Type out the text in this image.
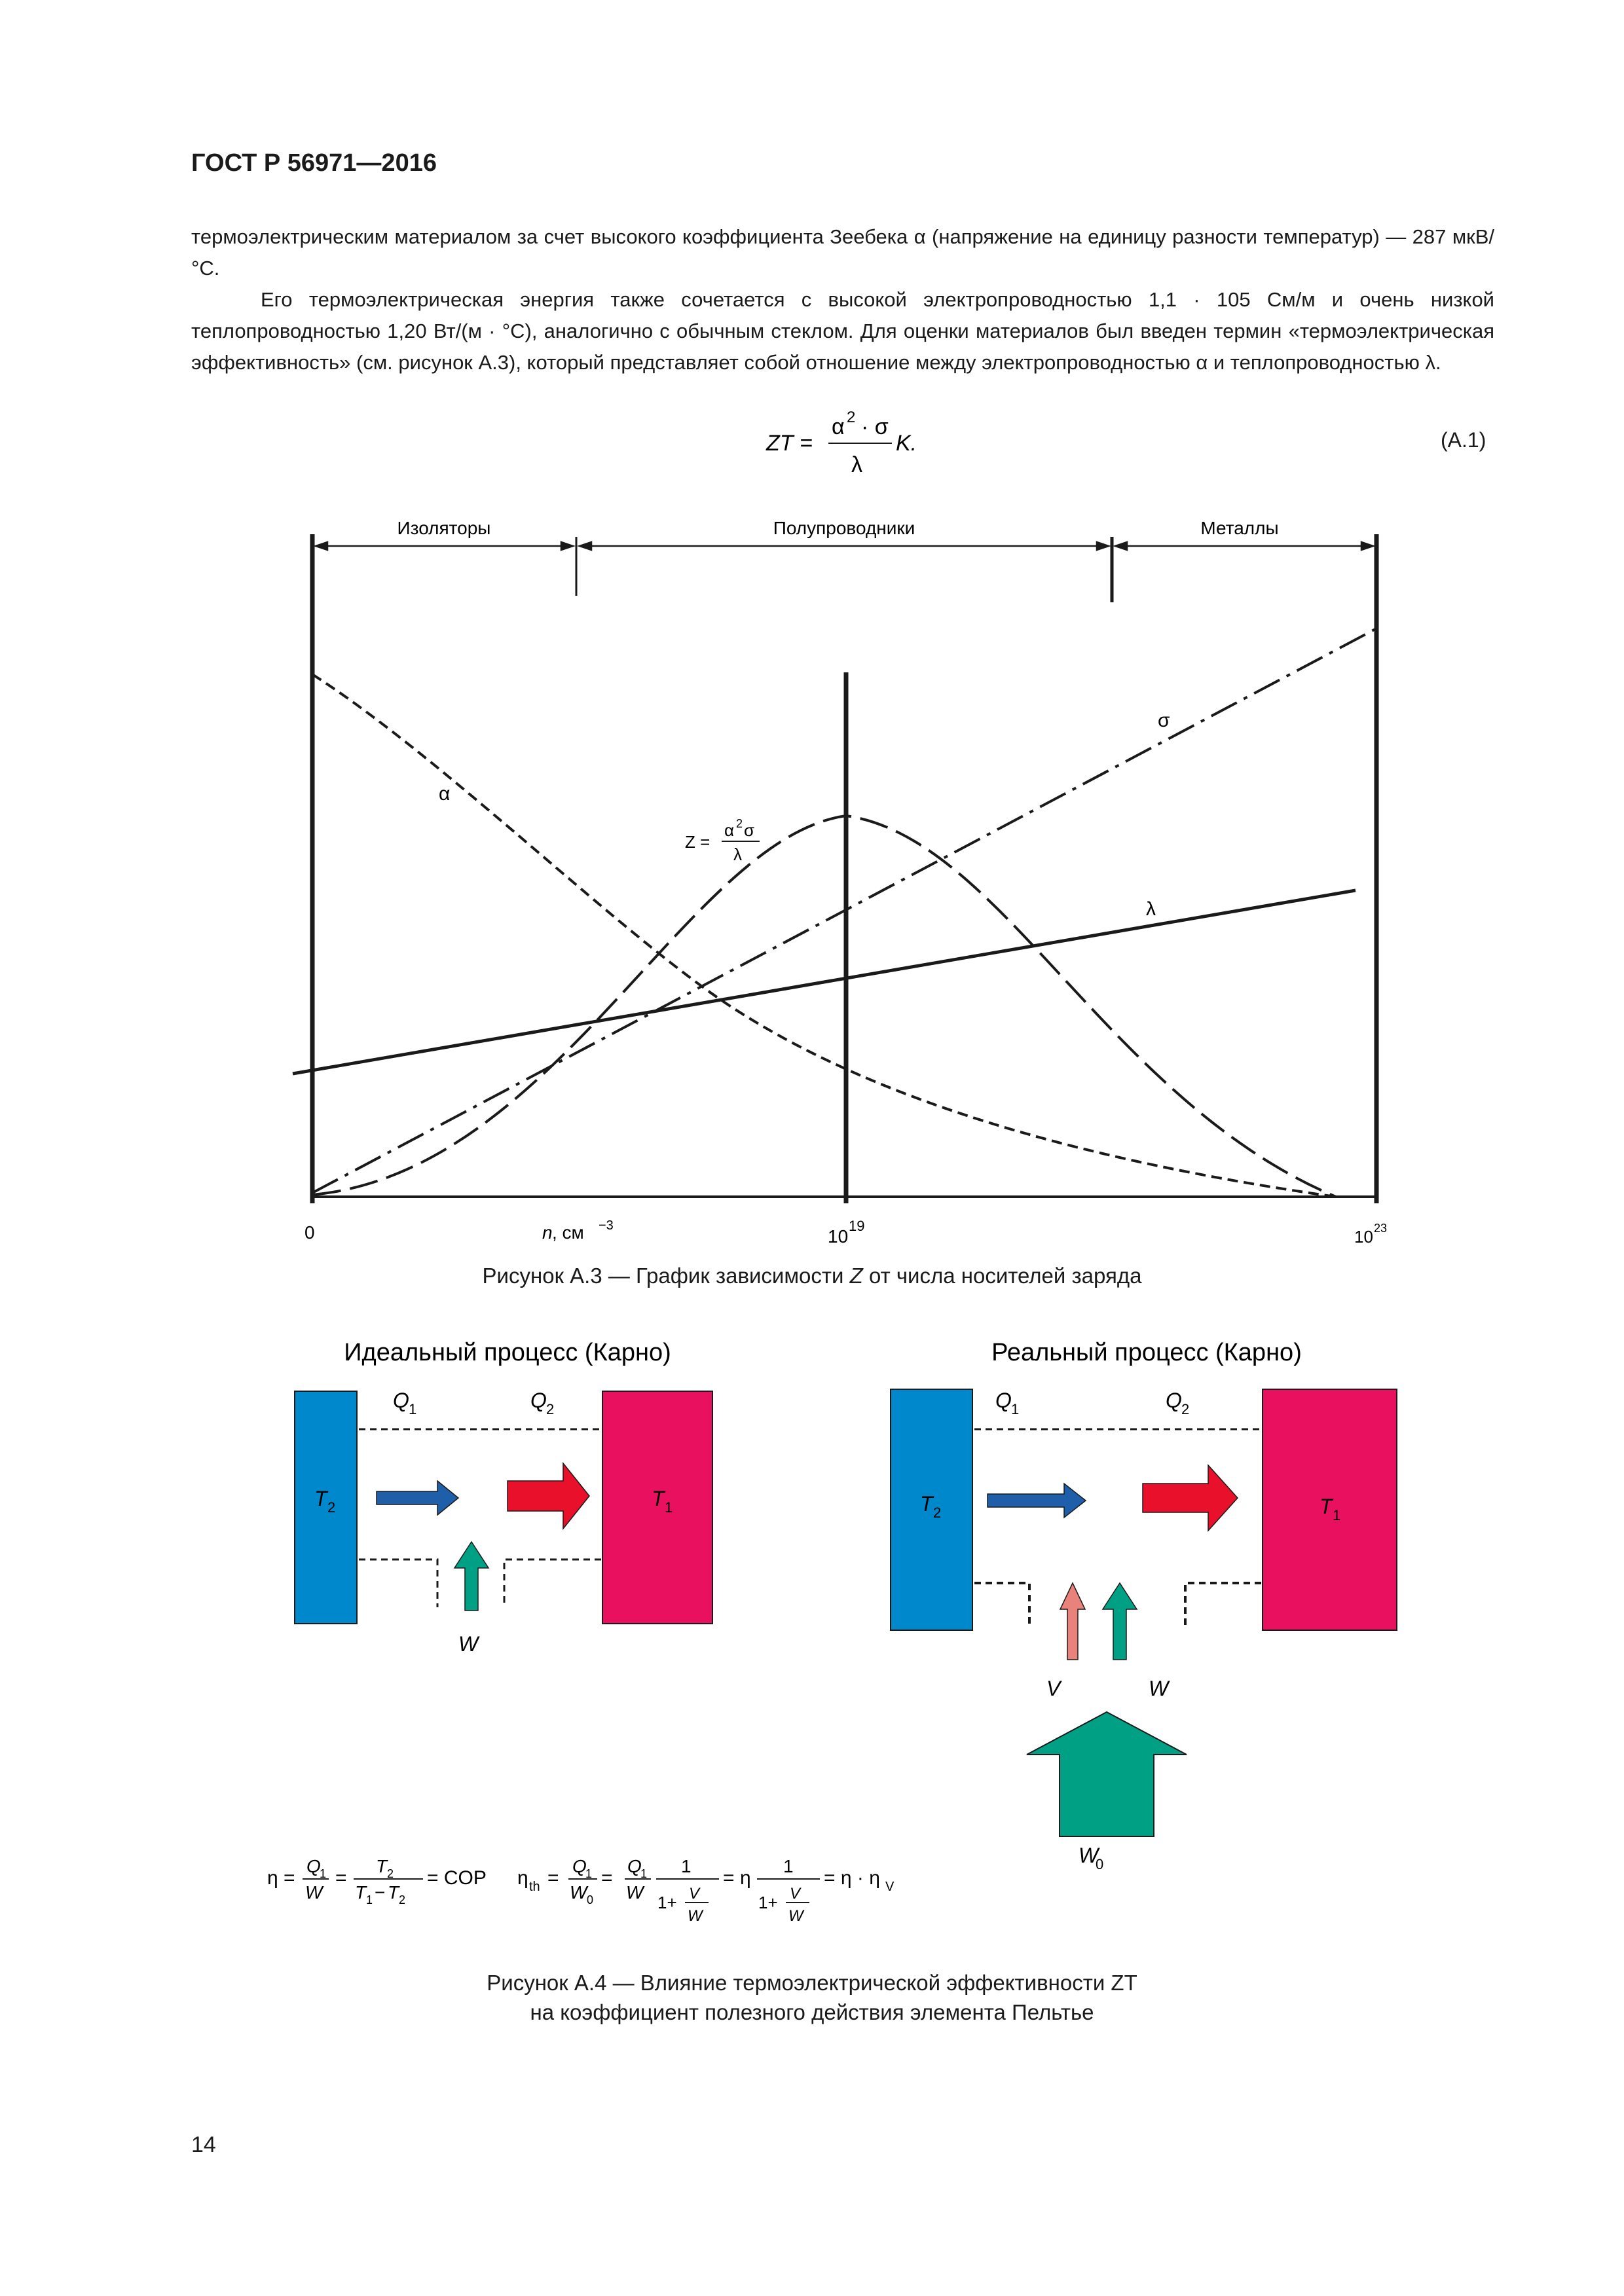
ГОСТ Р 56971—2016
термоэлектрическим материалом за счет высокого коэффициента Зеебека α (напряжение на единицу разности температур) — 287 мкВ/°С.
Его термоэлектрическая энергия также сочетается с высокой электропроводностью 1,1 · 105 См/м и очень низкой теплопроводностью 1,20 Вт/(м · °С), аналогично с обычным стеклом. Для оценки материалов был введен термин «термоэлектрическая эффективность» (см. рисунок А.3), который представляет собой отношение между электропроводностью α и теплопроводностью λ.
ZT =
α 2 · σ
λ
K.	(А.1)
Изоляторы	Полупроводники	Металлы
σ
α
λ
Z =
α 2 σ
λ
0	n , см −3
10
19
10 23
Рисунок А.3 — График зависимости Z от числа носителей заряда
Идеальный процесс (Карно)
Q 1	Q 2
T 2	T 1
W
Реальный процесс (Карно)
Q 1	Q 2
T 2	T 1
V	W
W
0
η =
Q
1
W
=
T 2
T 1 − T 2
= COP η th =
Q
1
W 0
=
Q
1
W
1
1+ V
W
= η
1
1+ V
W
= η · η V
Рисунок А.4 — Влияние термоэлектрической эффективности ZT
на коэффициент полезного действия элемента Пельтье
14
